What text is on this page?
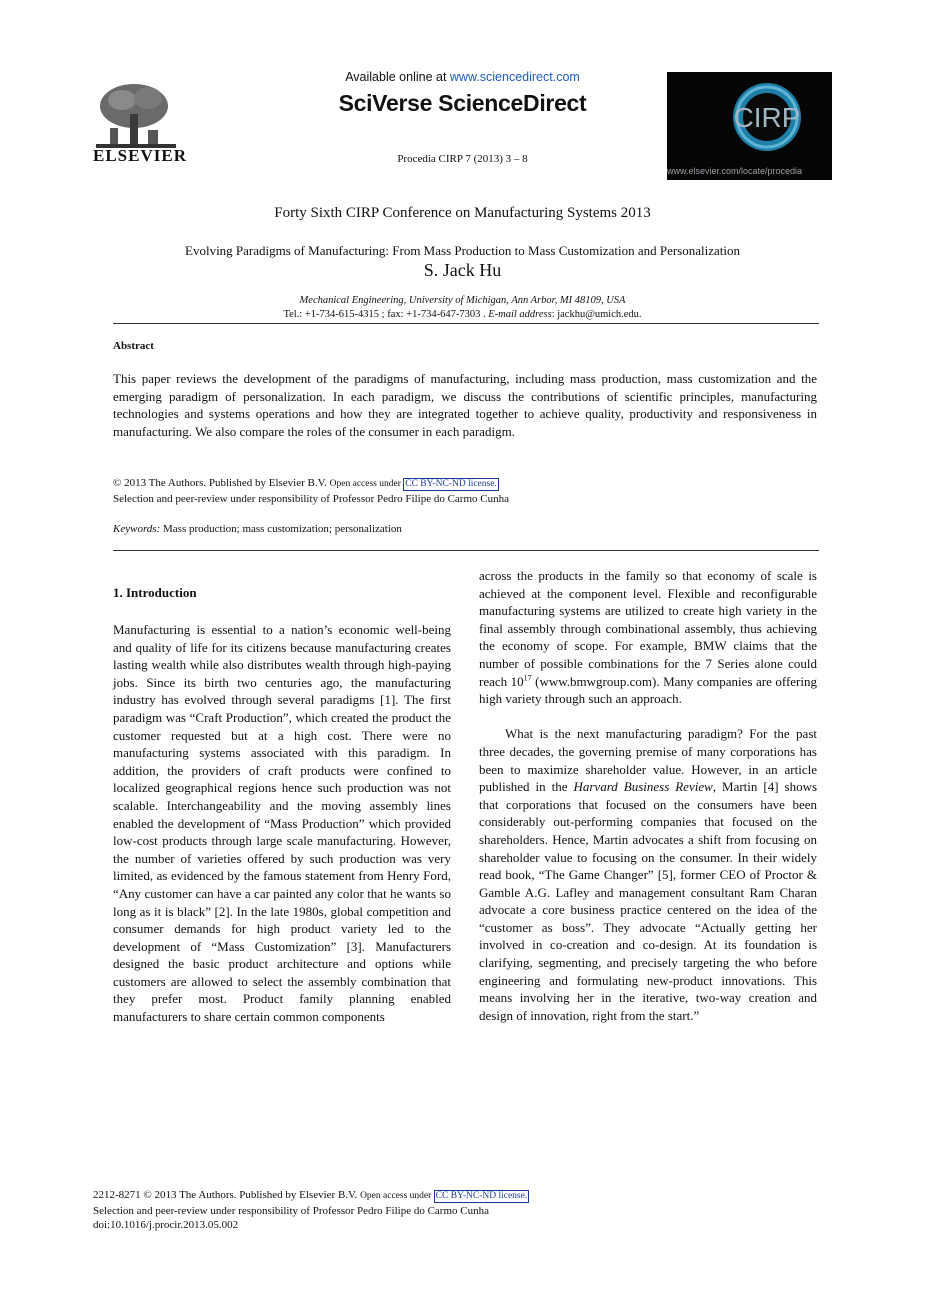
ELSEVIER
Available online at www.sciencedirect.com
SciVerse ScienceDirect
Procedia CIRP 7 (2013) 3 – 8
CIRP
www.elsevier.com/locate/procedia
Forty Sixth CIRP Conference on Manufacturing Systems 2013
Evolving Paradigms of Manufacturing: From Mass Production to Mass Customization and Personalization
S. Jack Hu
Mechanical Engineering, University of Michigan, Ann Arbor, MI 48109, USA
Tel.: +1-734-615-4315 ; fax: +1-734-647-7303 . E-mail address: jackhu@umich.edu.
Abstract
This paper reviews the development of the paradigms of manufacturing, including mass production, mass customization and the emerging paradigm of personalization. In each paradigm, we discuss the contributions of scientific principles, manufacturing technologies and systems operations and how they are integrated together to achieve quality, productivity and responsiveness in manufacturing. We also compare the roles of the consumer in each paradigm.
© 2013 The Authors. Published by Elsevier B.V. Open access under CC BY-NC-ND license.
Selection and peer-review under responsibility of Professor Pedro Filipe do Carmo Cunha
Keywords: Mass production; mass customization; personalization
1. Introduction

Manufacturing is essential to a nation’s economic well-being and quality of life for its citizens because manufacturing creates lasting wealth while also distributes wealth through high-paying jobs. Since its birth two centuries ago, the manufacturing industry has evolved through several paradigms [1]. The first paradigm was “Craft Production”, which created the product the customer requested but at a high cost. There were no manufacturing systems associated with this paradigm. In addition, the providers of craft products were confined to localized geographical regions hence such production was not scalable. Interchangeability and the moving assembly lines enabled the development of “Mass Production” which provided low-cost products through large scale manufacturing. However, the number of varieties offered by such production was very limited, as evidenced by the famous statement from Henry Ford, “Any customer can have a car painted any color that he wants so long as it is black” [2]. In the late 1980s, global competition and consumer demands for high product variety led to the development of “Mass Customization” [3]. Manufacturers designed the basic product architecture and options while customers are allowed to select the assembly combination that they prefer most. Product family planning enabled manufacturers to share certain common components

across the products in the family so that economy of scale is achieved at the component level. Flexible and reconfigurable manufacturing systems are utilized to create high variety in the final assembly through combinational assembly, thus achieving the economy of scope. For example, BMW claims that the number of possible combinations for the 7 Series alone could reach $10^{17}$ (www.bmwgroup.com). Many companies are offering high variety through such an approach.

What is the next manufacturing paradigm? For the past three decades, the governing premise of many corporations has been to maximize shareholder value. However, in an article published in the Harvard Business Review, Martin [4] shows that corporations that focused on the consumers have been considerably out-performing companies that focused on the shareholders. Hence, Martin advocates a shift from focusing on shareholder value to focusing on the consumer. In their widely read book, “The Game Changer” [5], former CEO of Proctor & Gamble A.G. Lafley and management consultant Ram Charan advocate a core business practice centered on the idea of the “customer as boss”. They advocate “Actually getting her involved in co-creation and co-design. At its foundation is clarifying, segmenting, and precisely targeting the who before engineering and formulating new-product innovations. This means involving her in the iterative, two-way creation and design of innovation, right from the start.”

2212-8271 © 2013 The Authors. Published by Elsevier B.V. Open access under CC BY-NC-ND license.
Selection and peer-review under responsibility of Professor Pedro Filipe do Carmo Cunha
doi:10.1016/j.procir.2013.05.002
